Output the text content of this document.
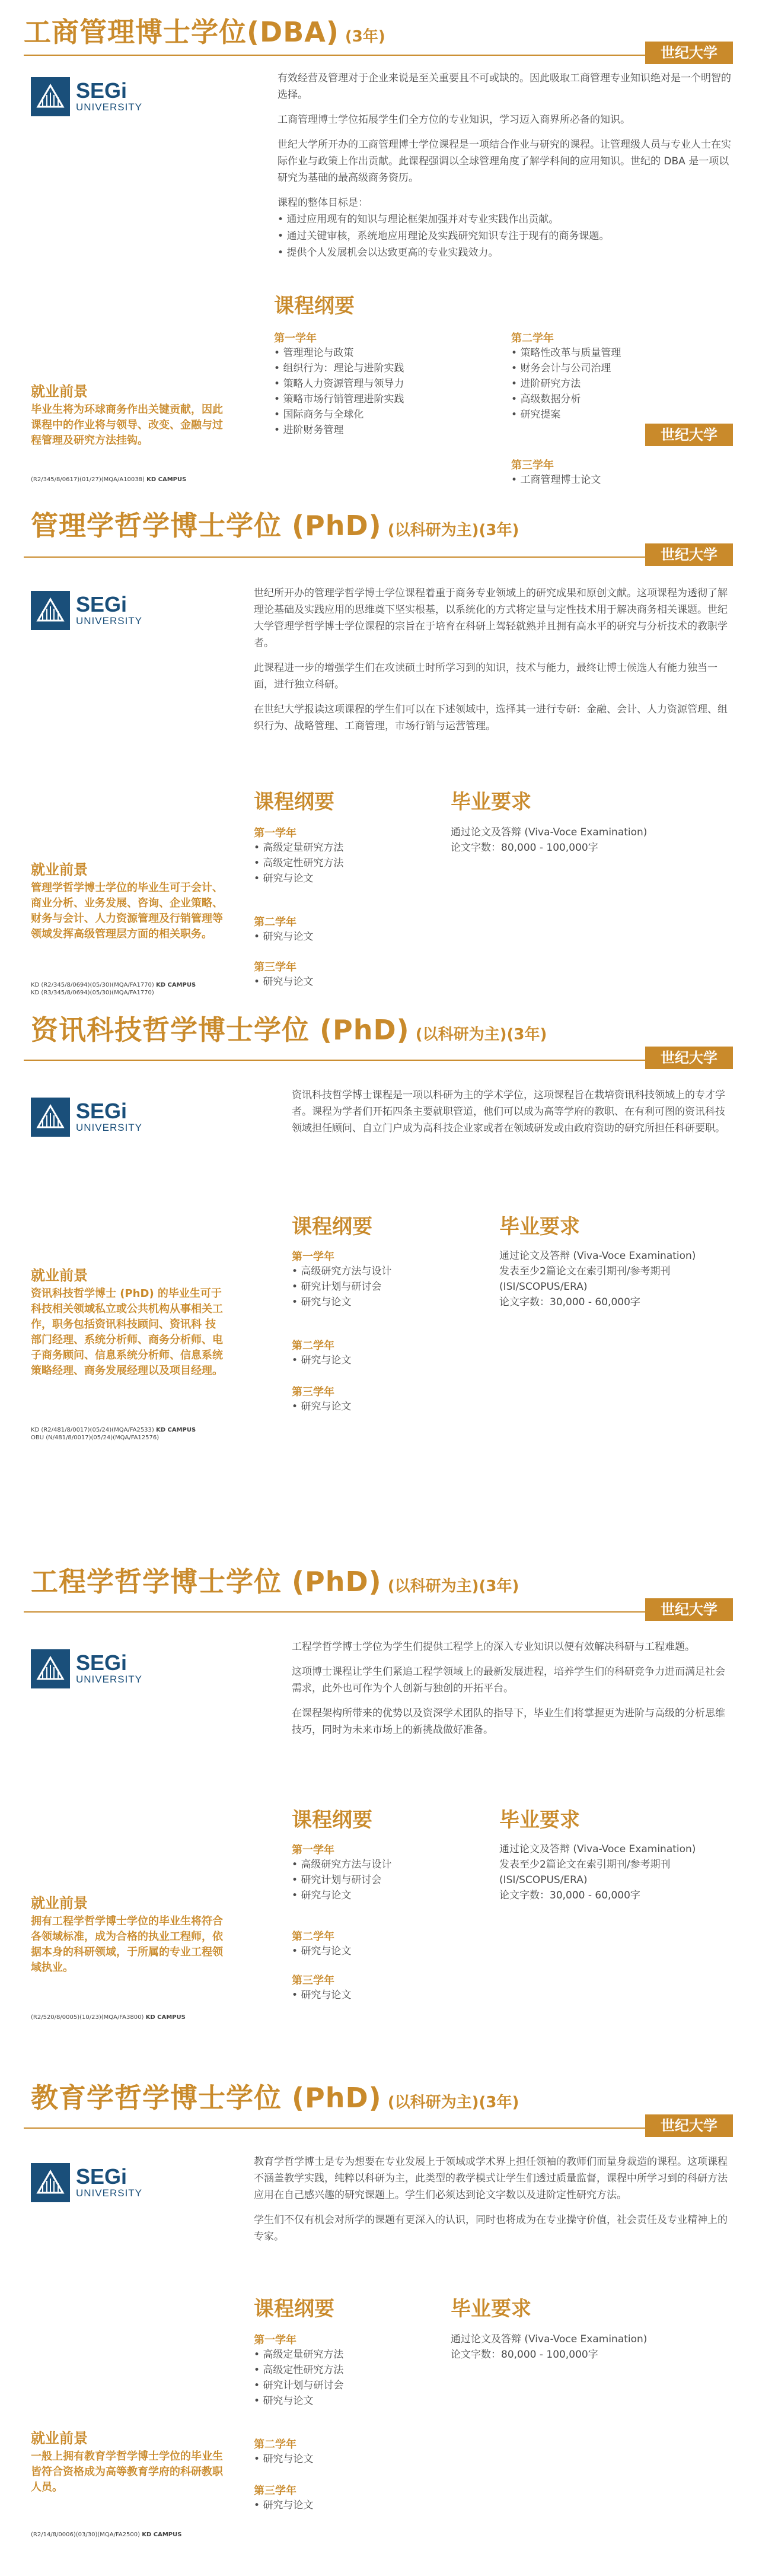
工商管理博士学位(DBA) (3年)
世纪大学
SEGi
UNIVERSITY

有效经营及管理对于企业来说是至关重要且不可或缺的。因此吸取工商管理专业知识绝对是一个明智的选择。

工商管理博士学位拓展学生们全方位的专业知识，学习迈入商界所必备的知识。

世纪大学所开办的工商管理博士学位课程是一项结合作业与研究的课程。让管理级人员与专业人士在实际作业与政策上作出贡献。此课程强调以全球管理角度了解学科间的应用知识。世纪的 DBA 是一项以研究为基础的最高级商务资历。

课程的整体目标是：

• 通过应用现有的知识与理论框架加强并对专业实践作出贡献。
• 通过关键审核，系统地应用理论及实践研究知识专注于现有的商务课题。
• 提供个人发展机会以达致更高的专业实践效力。
课程纲要
第一学年
• 管理理论与政策
• 组织行为：理论与进阶实践
• 策略人力资源管理与领导力
• 策略市场行销管理进阶实践
• 国际商务与全球化
• 进阶财务管理
第二学年
• 策略性改革与质量管理
• 财务会计与公司治理
• 进阶研究方法
• 高级数据分析
• 研究提案
第三学年
• 工商管理博士论文
世纪大学
就业前景
毕业生将为环球商务作出关键贡献，因此课程中的作业将与领导、改变、金融与过程管理及研究方法挂钩。
(R2/345/8/0617)(01/27)(MQA/A10038) KD CAMPUS
管理学哲学博士学位 (PhD) (以科研为主)(3年)
世纪大学
SEGi
UNIVERSITY

世纪所开办的管理学哲学博士学位课程着重于商务专业领域上的研究成果和原创文献。这项课程为透彻了解理论基础及实践应用的思维奠下坚实根基，以系统化的方式将定量与定性技术用于解决商务相关课题。世纪大学管理学哲学博士学位课程的宗旨在于培育在科研上驾轻就熟并且拥有高水平的研究与分析技术的教职学者。

此课程进一步的增强学生们在攻读硕士时所学习到的知识，技术与能力，最终让博士候选人有能力独当一面，进行独立科研。

在世纪大学报读这项课程的学生们可以在下述领域中，选择其一进行专研：金融、会计、人力资源管理、组织行为、战略管理、工商管理，市场行销与运营管理。

课程纲要
第一学年
• 高级定量研究方法
• 高级定性研究方法
• 研究与论文
第二学年
• 研究与论文
第三学年
• 研究与论文
毕业要求
通过论文及答辩 (Viva-Voce Examination)
论文字数：80,000 - 100,000字
就业前景
管理学哲学博士学位的毕业生可于会计、商业分析、业务发展、咨询、企业策略、财务与会计、人力资源管理及行销管理等领域发挥高级管理层方面的相关职务。
KD (R2/345/8/0694)(05/30)(MQA/FA1770) KD CAMPUS
KD (R3/345/8/0694)(05/30)(MQA/FA1770)
资讯科技哲学博士学位 (PhD) (以科研为主)(3年)
世纪大学
SEGi
UNIVERSITY

资讯科技哲学博士课程是一项以科研为主的学术学位，这项课程旨在栽培资讯科技领域上的专才学者。课程为学者们开拓四条主要就职管道，他们可以成为高等学府的教职、在有利可图的资讯科技领域担任顾问、自立门户成为高科技企业家或者在领域研发或由政府资助的研究所担任科研要职。

课程纲要
第一学年
• 高级研究方法与设计
• 研究计划与研讨会
• 研究与论文
第二学年
• 研究与论文
第三学年
• 研究与论文
毕业要求
通过论文及答辩 (Viva-Voce Examination)
发表至少2篇论文在索引期刊/参考期刊
(ISI/SCOPUS/ERA)
论文字数：30,000 - 60,000字
就业前景
资讯科技哲学博士 (PhD) 的毕业生可于科技相关领域私立或公共机构从事相关工作，职务包括资讯科技顾问、资讯科 技部门经理、系统分析师、商务分析师、电子商务顾问、信息系统分析师、信息系统策略经理、商务发展经理以及项目经理。
KD (R2/481/8/0017)(05/24)(MQA/FA2533) KD CAMPUS
OBU (N/481/8/0017)(05/24)(MQA/FA12576)
工程学哲学博士学位 (PhD) (以科研为主)(3年)
世纪大学
SEGi
UNIVERSITY

工程学哲学博士学位为学生们提供工程学上的深入专业知识以便有效解决科研与工程难题。

这项博士课程让学生们紧追工程学领域上的最新发展进程，培养学生们的科研竞争力进而满足社会需求，此外也可作为个人创新与独创的开拓平台。

在课程架构所带来的优势以及资深学术团队的指导下，毕业生们将掌握更为进阶与高级的分析思维技巧，同时为未来市场上的新挑战做好准备。

课程纲要
第一学年
• 高级研究方法与设计
• 研究计划与研讨会
• 研究与论文
第二学年
• 研究与论文
第三学年
• 研究与论文
毕业要求
通过论文及答辩 (Viva-Voce Examination)
发表至少2篇论文在索引期刊/参考期刊
(ISI/SCOPUS/ERA)
论文字数：30,000 - 60,000字
就业前景
拥有工程学哲学博士学位的毕业生将符合各领域标准，成为合格的执业工程师，依据本身的科研领域，于所属的专业工程领域执业。
(R2/520/8/0005)(10/23)(MQA/FA3800) KD CAMPUS
教育学哲学博士学位 (PhD) (以科研为主)(3年)
世纪大学
SEGi
UNIVERSITY

教育学哲学博士是专为想要在专业发展上于领域或学术界上担任领袖的教师们而量身裁造的课程。这项课程不涵盖教学实践，纯粹以科研为主，此类型的教学模式让学生们透过质量监督，课程中所学习到的科研方法应用在自己感兴趣的研究课题上。学生们必须达到论文字数以及进阶定性研究方法。

学生们不仅有机会对所学的课题有更深入的认识，同时也将成为在专业操守价值，社会责任及专业精神上的专家。

课程纲要
第一学年
• 高级定量研究方法
• 高级定性研究方法
• 研究计划与研讨会
• 研究与论文
第二学年
• 研究与论文
第三学年
• 研究与论文
毕业要求
通过论文及答辩 (Viva-Voce Examination)
论文字数：80,000 - 100,000字
就业前景
一般上拥有教育学哲学博士学位的毕业生皆符合资格成为高等教育学府的科研教职人员。
(R2/14/8/0006)(03/30)(MQA/FA2500) KD CAMPUS
